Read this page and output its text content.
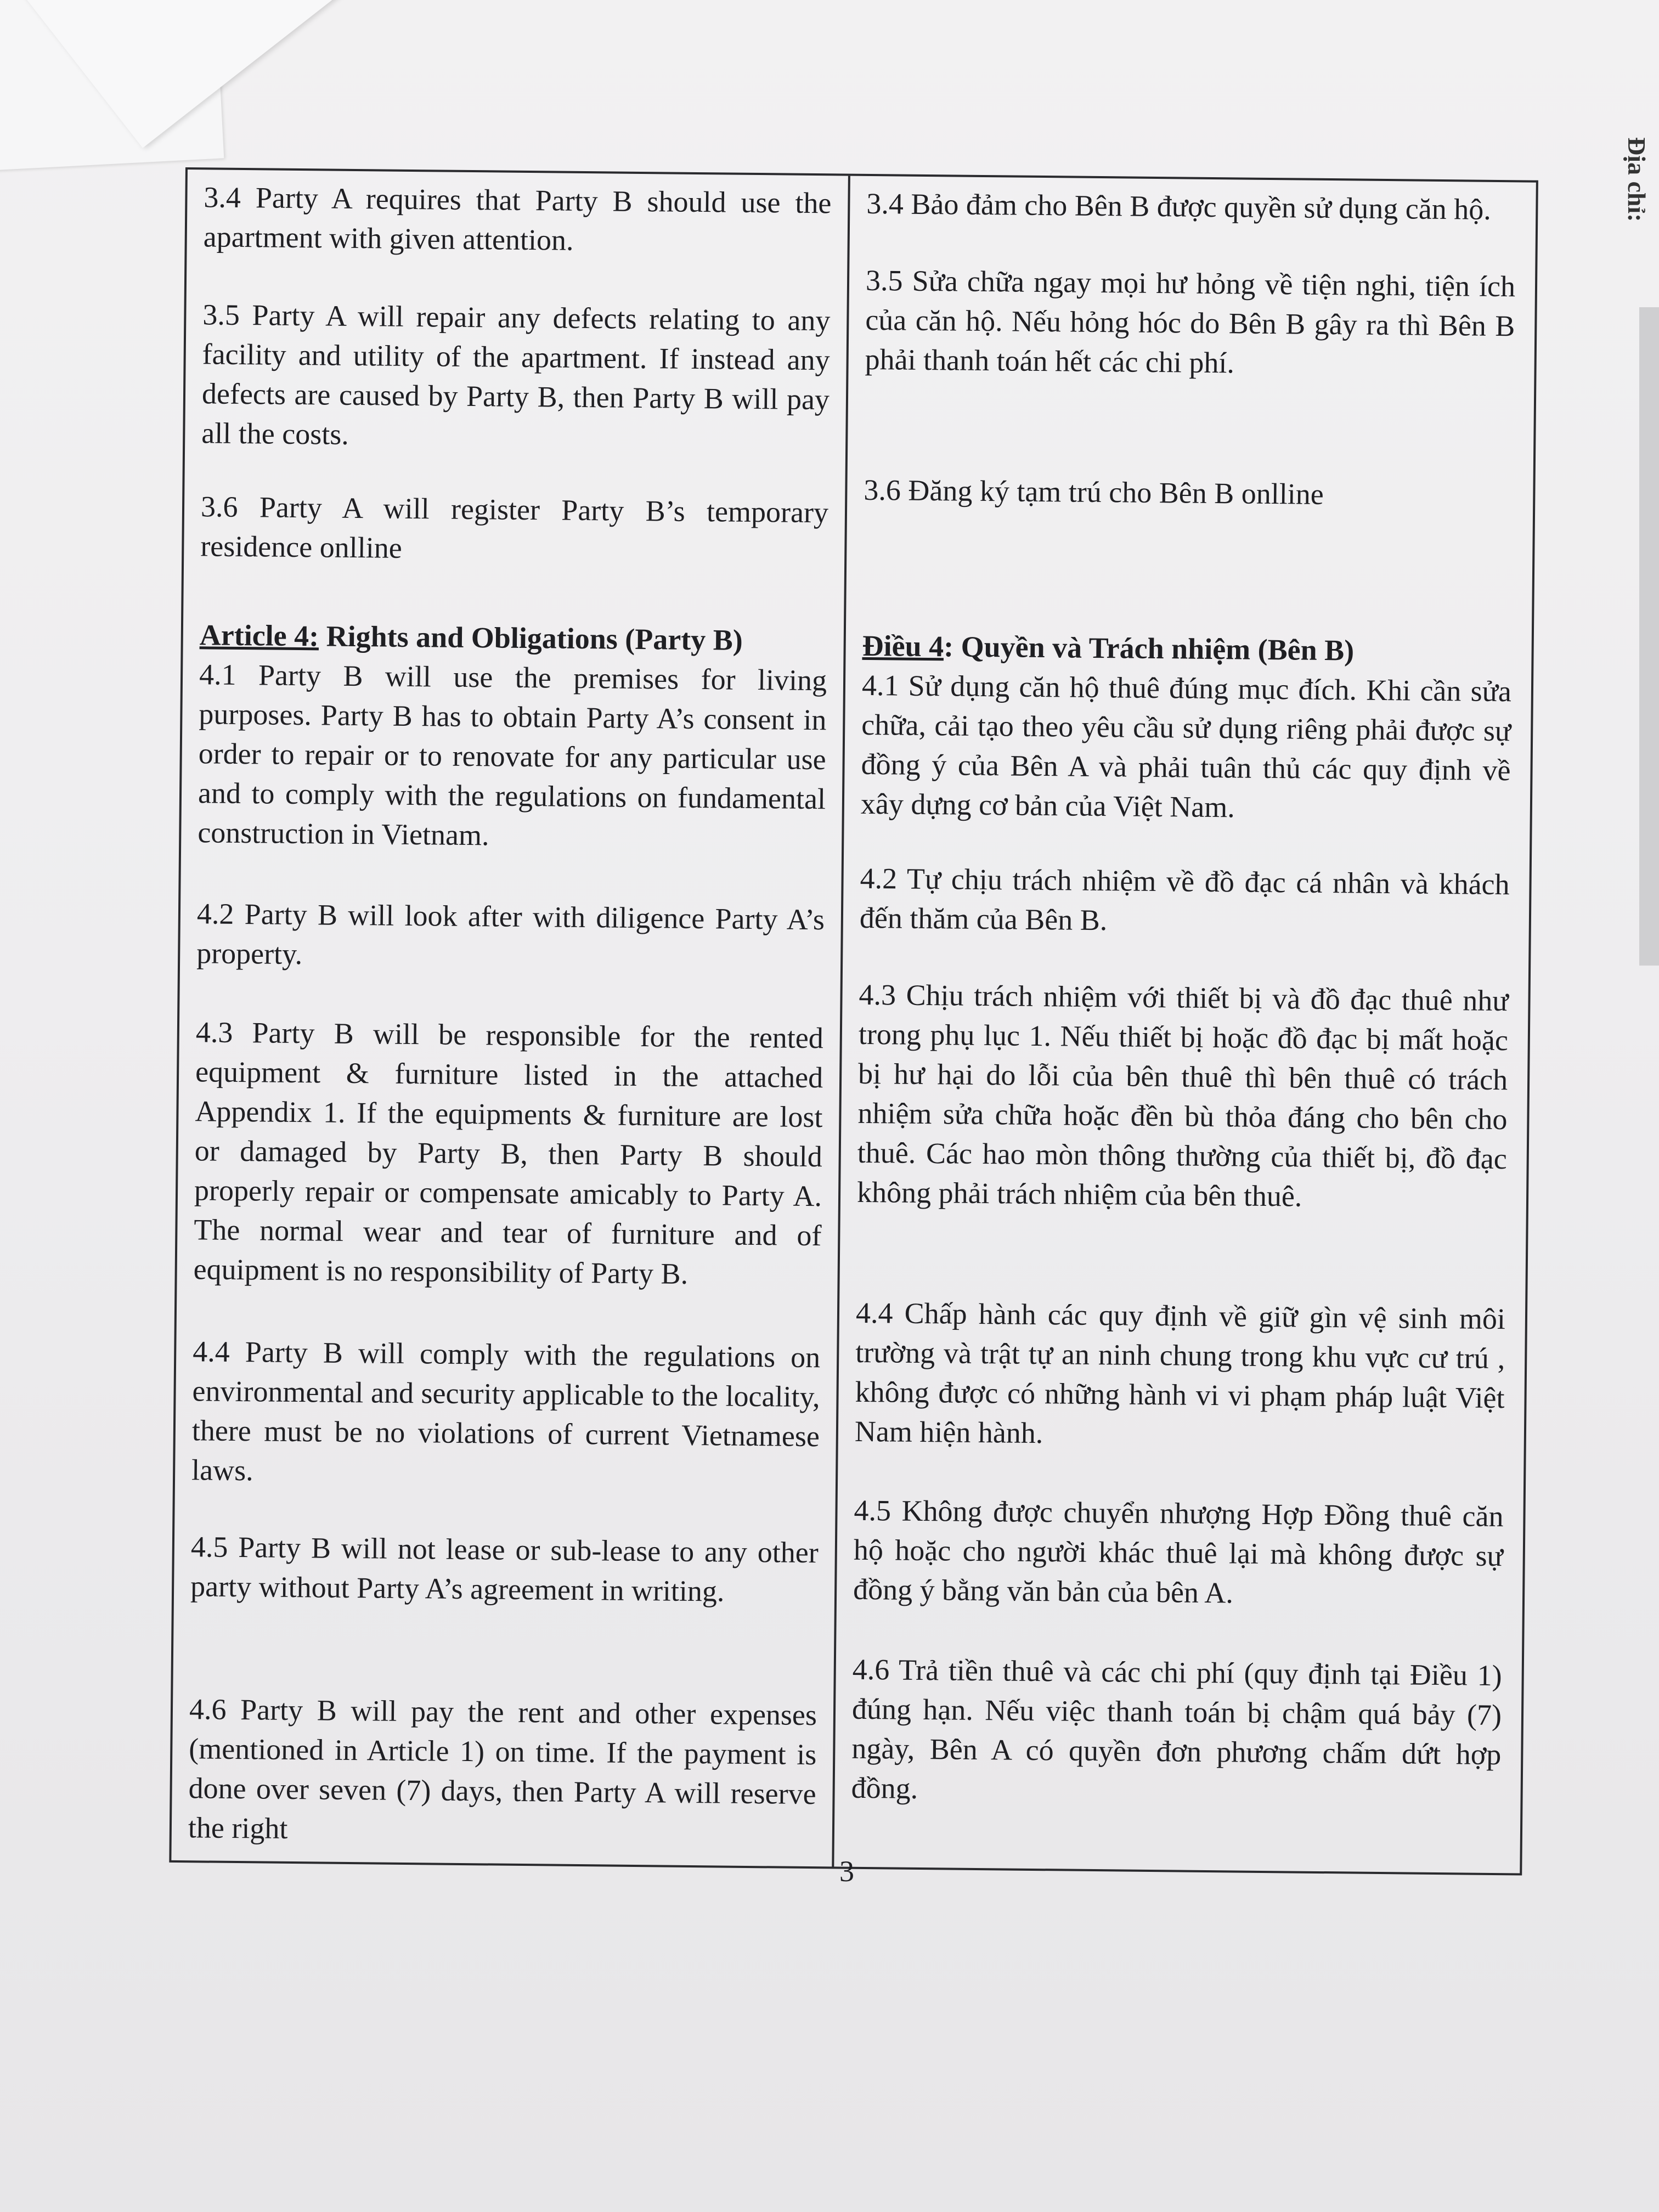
Địa chỉ:
3.4 Party A requires that Party B should use the apartment with given attention.
3.5 Party A will repair any defects relating to any facility and utility of the apartment. If instead any defects are caused by Party B, then Party B will pay all the costs.
3.6 Party A will register Party B’s temporary residence onlline
Article 4: Rights and Obligations (Party B)
4.1 Party B will use the premises for living purposes. Party B has to obtain Party A’s consent in order to repair or to renovate for any particular use and to comply with the regulations on fundamental construction in Vietnam.
4.2 Party B will look after with diligence Party A’s property.
4.3 Party B will be responsible for the rented equipment & furniture listed in the attached Appendix 1. If the equipments & furniture are lost or damaged by Party B, then Party B should properly repair or compensate amicably to Party A. The normal wear and tear of furniture and of equipment is no responsibility of Party B.
4.4 Party B will comply with the regulations on environmental and security applicable to the locality, there must be no violations of current Vietnamese laws.
4.5 Party B will not lease or sub-lease to any other party without Party A’s agreement in writing.
4.6 Party B will pay the rent and other expenses (mentioned in Article 1) on time. If the payment is done over seven (7) days, then Party A will reserve the right
3.4 Bảo đảm cho Bên B được quyền sử dụng căn hộ.
3.5 Sửa chữa ngay mọi hư hỏng về tiện nghi, tiện ích của căn hộ. Nếu hỏng hóc do Bên B gây ra thì Bên B phải thanh toán hết các chi phí.
3.6 Đăng ký tạm trú cho Bên B onlline
Điều 4: Quyền và Trách nhiệm (Bên B)
4.1 Sử dụng căn hộ thuê đúng mục đích. Khi cần sửa chữa, cải tạo theo yêu cầu sử dụng riêng phải được sự đồng ý của Bên A và phải tuân thủ các quy định về xây dựng cơ bản của Việt Nam.
4.2 Tự chịu trách nhiệm về đồ đạc cá nhân và khách đến thăm của Bên B.
4.3 Chịu trách nhiệm với thiết bị và đồ đạc thuê như trong phụ lục 1. Nếu thiết bị hoặc đồ đạc bị mất hoặc bị hư hại do lỗi của bên thuê thì bên thuê có trách nhiệm sửa chữa hoặc đền bù thỏa đáng cho bên cho thuê. Các hao mòn thông thường của thiết bị, đồ đạc không phải trách nhiệm của bên thuê.
4.4 Chấp hành các quy định về giữ gìn vệ sinh môi trường và trật tự an ninh chung trong khu vực cư trú , không được có những hành vi vi phạm pháp luật Việt Nam hiện hành.
4.5 Không được chuyển nhượng Hợp Đồng thuê căn hộ hoặc cho người khác thuê lại mà không được sự đồng ý bằng văn bản của bên A.
4.6 Trả tiền thuê và các chi phí (quy định tại Điều 1) đúng hạn. Nếu việc thanh toán bị chậm quá bảy (7) ngày, Bên A có quyền đơn phương chấm dứt hợp đồng.
3
